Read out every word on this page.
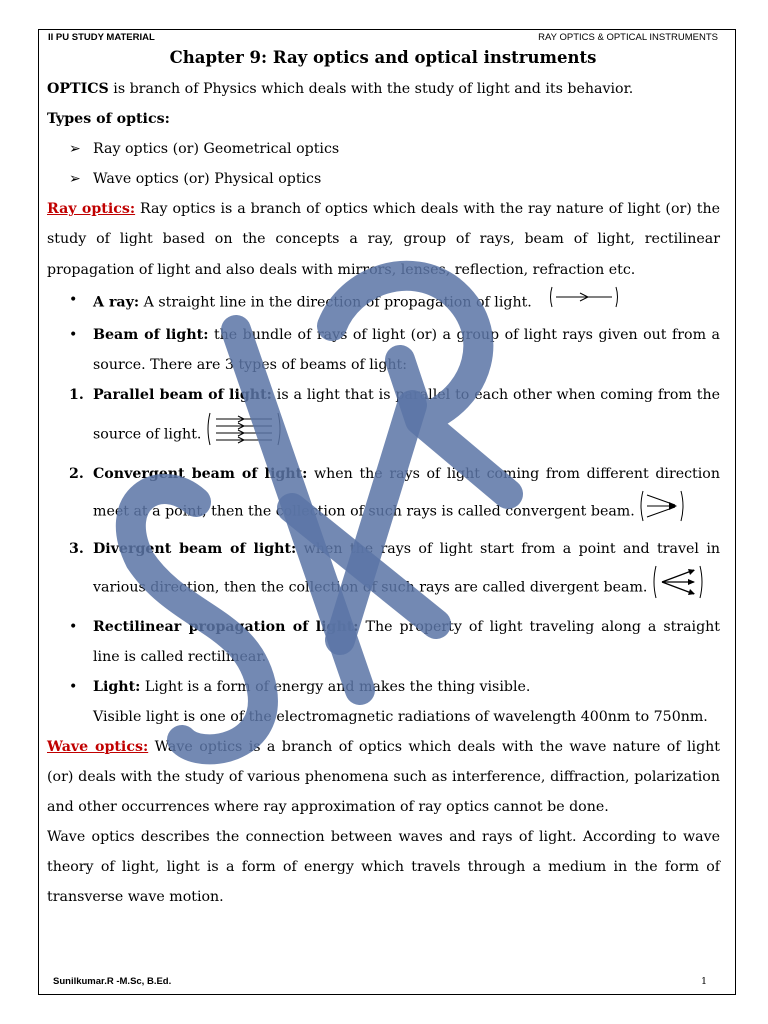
II PU STUDY MATERIAL	RAY OPTICS & OPTICAL INSTRUMENTS
Chapter 9: Ray optics and optical instruments

OPTICS is branch of Physics which deals with the study of light and its behavior.

Types of optics:

➢ Ray optics (or) Geometrical optics

➢ Wave optics (or) Physical optics

Ray optics: Ray optics is a branch of optics which deals with the ray nature of light (or) the study of light based on the concepts a ray, group of rays, beam of light, rectilinear propagation of light and also deals with mirrors, lenses, reflection, refraction etc.

• A ray: A straight line in the direction of propagation of light.

• Beam of light: the bundle of rays of light (or) a group of light rays given out from a source. There are 3 types of beams of light:

1. Parallel beam of light: is a light that is parallel to each other when coming from the source of light.

2. Convergent beam of light: when the rays of light coming from different direction meet at a point, then the collection of such rays is called convergent beam.

3. Divergent beam of light: when the rays of light start from a point and travel in various direction, then the collection of such rays are called divergent beam.

• Rectilinear propagation of light: The property of light traveling along a straight line is called rectilinear.

• Light: Light is a form of energy and makes the thing visible.

Visible light is one of the electromagnetic radiations of wavelength 400nm to 750nm.

Wave optics: Wave optics is a branch of optics which deals with the wave nature of light (or) deals with the study of various phenomena such as interference, diffraction, polarization and other occurrences where ray approximation of ray optics cannot be done.

Wave optics describes the connection between waves and rays of light. According to wave theory of light, light is a form of energy which travels through a medium in the form of transverse wave motion.

Sunilkumar.R -M.Sc, B.Ed.	1
